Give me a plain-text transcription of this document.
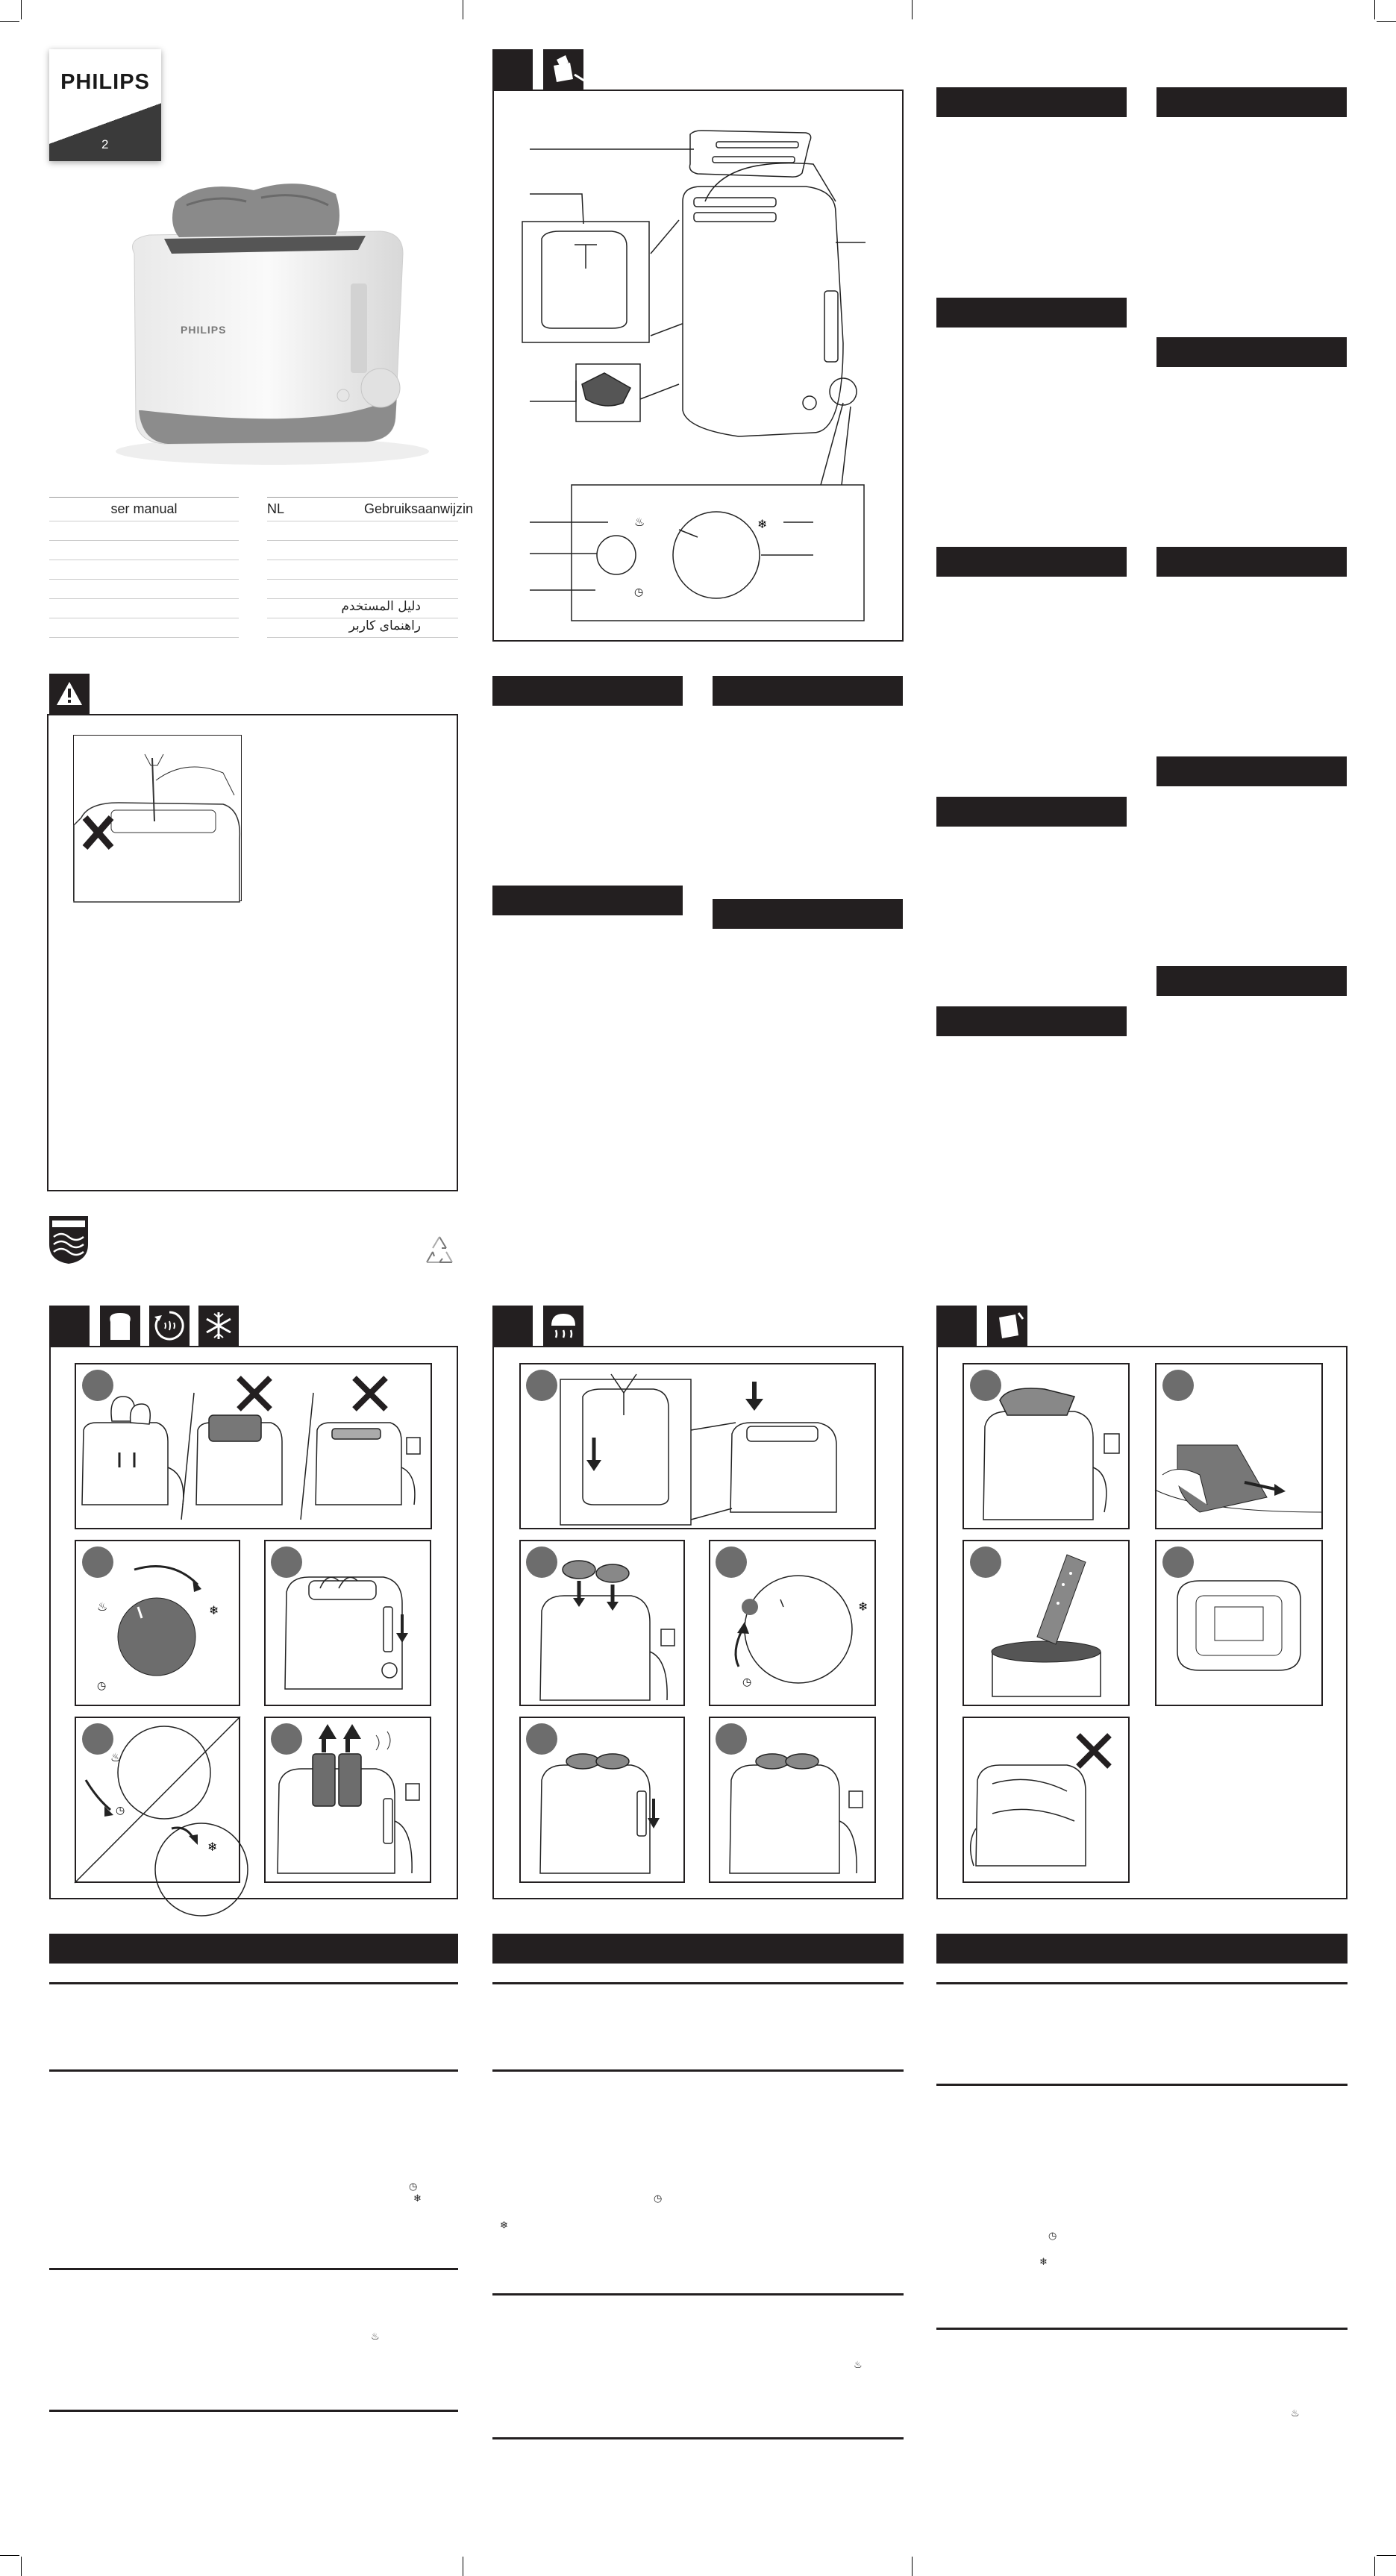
PHILIPS
2
PHILIPS
ser manual	NL	Gebruiksaanwijzin
دليل المستخدم
راهنمای کاربر
♨	❄
◷
♨	❄
◷
♨
◷
❄
❄
◷
◷
❄
♨
◷
❄
♨
◷
❄
♨
